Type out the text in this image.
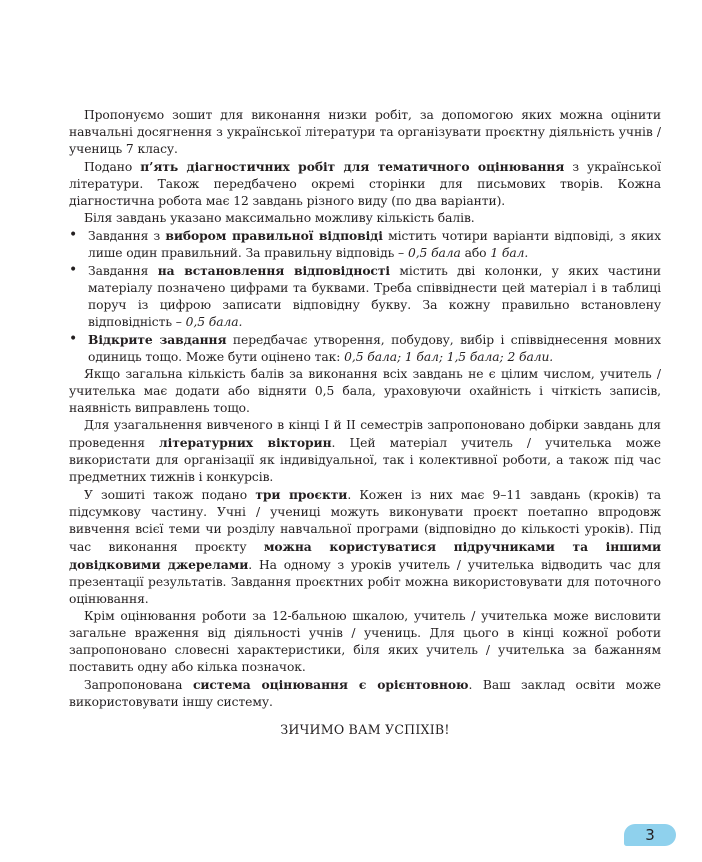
Пропонуємо зошит для виконання низки робіт, за допомогою яких можна оцінити навчальні досягнення з української літератури та організувати проєктну діяльність учнів / учениць 7 класу.

Подано п’ять діагностичних робіт для тематичного оцінювання з української літератури. Також передбачено окремі сторінки для письмових творів. Кожна діагностична робота має 12 завдань різного виду (по два варіанти).

Біля завдань указано максимально можливу кількість балів.

• Завдання з вибором правильної відповіді містить чотири варіанти відповіді, з яких лише один правильний. За правильну відповідь – 0,5 бала або 1 бал.

• Завдання на встановлення відповідності містить дві колонки, у яких частини матеріалу позначено цифрами та буквами. Треба співвіднести цей матеріал і в таблиці поруч із цифрою записати відповідну букву. За кожну правильно встановлену відповідність – 0,5 бала.

• Відкрите завдання передбачає утворення, побудову, вибір і співвіднесення мовних одиниць тощо. Може бути оцінено так: 0,5 бала; 1 бал; 1,5 бала; 2 бали.

Якщо загальна кількість балів за виконання всіх завдань не є цілим числом, учитель / учителька має додати або відняти 0,5 бала, ураховуючи охайність і чіткість записів, наявність виправлень тощо.

Для узагальнення вивченого в кінці І й ІІ семестрів запропоновано добірки завдань для проведення літературних вікторин. Цей матеріал учитель / учителька може використати для організації як індивідуальної, так і колективної роботи, а також під час предметних тижнів і конкурсів.

У зошиті також подано три проєкти. Кожен із них має 9–11 завдань (кроків) та підсумкову частину. Учні / учениці можуть виконувати проєкт поетапно впродовж вивчення всієї теми чи розділу навчальної програми (відповідно до кількості уроків). Під час виконання проєкту можна користуватися підручниками та іншими довідковими джерелами. На одному з уроків учитель / учителька відводить час для презентації результатів. Завдання проєктних робіт можна використовувати для поточного оцінювання.

Крім оцінювання роботи за 12-бальною шкалою, учитель / учителька може висловити загальне враження від діяльності учнів / учениць. Для цього в кінці кожної роботи запропоновано словесні характеристики, біля яких учитель / учителька за бажанням поставить одну або кілька позначок.

Запропонована система оцінювання є орієнтовною. Ваш заклад освіти може використовувати іншу систему.

ЗИЧИМО ВАМ УСПІХІВ!

3
